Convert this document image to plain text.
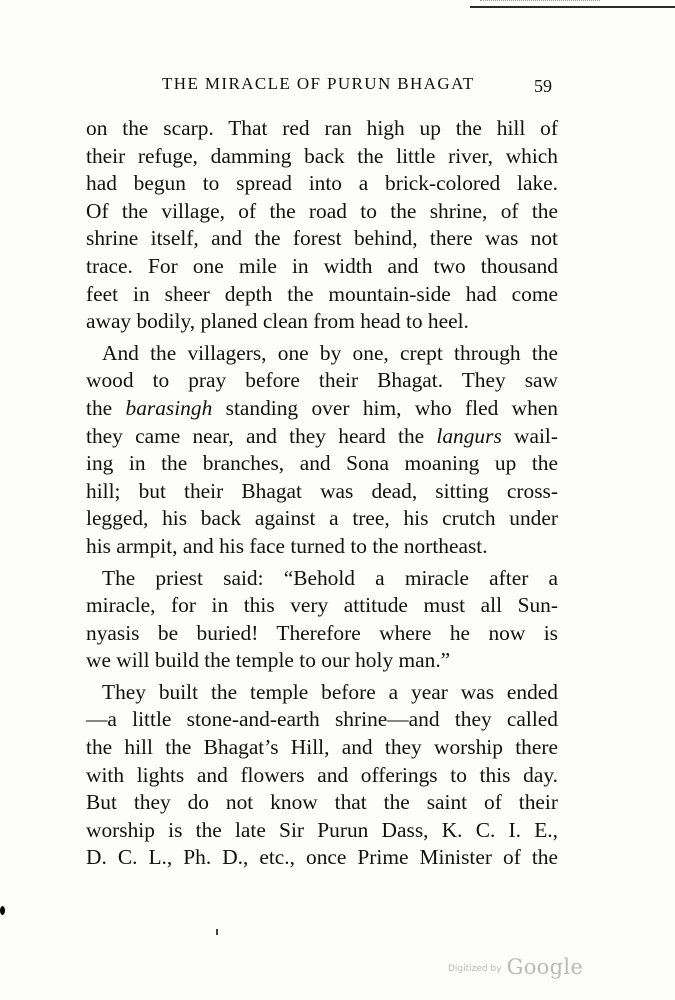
THE MIRACLE OF PURUN BHAGAT	59
on the scarp. That red ran high up the hill of
their refuge, damming back the little river, which
had begun to spread into a brick-colored lake.
Of the village, of the road to the shrine, of the
shrine itself, and the forest behind, there was not
trace. For one mile in width and two thousand
feet in sheer depth the mountain-side had come
away bodily, planed clean from head to heel.
And the villagers, one by one, crept through the
wood to pray before their Bhagat. They saw
the barasingh standing over him, who fled when
they came near, and they heard the langurs wail-
ing in the branches, and Sona moaning up the
hill; but their Bhagat was dead, sitting cross-
legged, his back against a tree, his crutch under
his armpit, and his face turned to the northeast.
The priest said: “Behold a miracle after a
miracle, for in this very attitude must all Sun-
nyasis be buried! Therefore where he now is
we will build the temple to our holy man.”
They built the temple before a year was ended
—a little stone-and-earth shrine—and they called
the hill the Bhagat’s Hill, and they worship there
with lights and flowers and offerings to this day.
But they do not know that the saint of their
worship is the late Sir Purun Dass, K. C. I. E.,
D. C. L., Ph. D., etc., once Prime Minister of the
Digitized by Google
